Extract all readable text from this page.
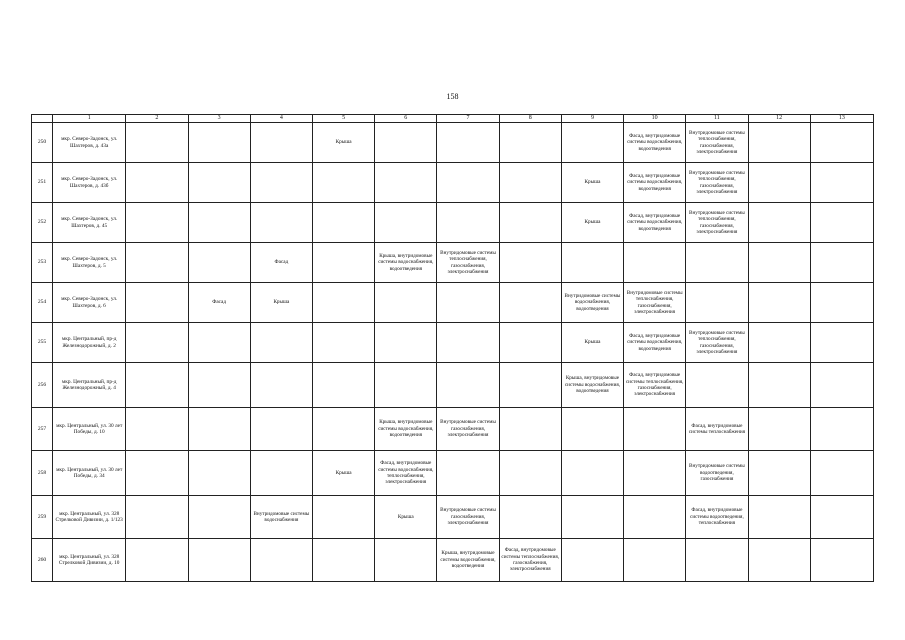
158
	1	2	3	4	5	6	7	8	9	10	11	12	13
250	мкр. Северо-Задонск, ул. Шахтеров, д. 43а				Крыша					Фасад, внутридомовые системы водоснабжения, водоотведения	Внутридомовые системы теплоснабжения, газоснабжения, электроснабжения		
251	мкр. Северо-Задонск, ул. Шахтеров, д. 43б								Крыша	Фасад, внутридомовые системы водоснабжения, водоотведения	Внутридомовые системы теплоснабжения, газоснабжения, электроснабжения		
252	мкр. Северо-Задонск, ул. Шахтеров, д. 45								Крыша	Фасад, внутридомовые системы водоснабжения, водоотведения	Внутридомовые системы теплоснабжения, газоснабжения, электроснабжения		
253	мкр. Северо-Задонск, ул. Шахтеров, д. 5			Фасад		Крыша, внутридомовые системы водоснабжения, водоотведения	Внутридомовые системы теплоснабжения, газоснабжения, электроснабжения						
254	мкр. Северо-Задонск, ул. Шахтеров, д. 6		Фасад	Крыша					Внутридомовые системы водоснабжения, водоотведения	Внутридомовые системы теплоснабжения, газоснабжения, электроснабжения			
255	мкр. Центральный, пр-д Железнодорожный, д. 2								Крыша	Фасад, внутридомовые системы водоснабжения, водоотведения	Внутридомовые системы теплоснабжения, газоснабжения, электроснабжения		
256	мкр. Центральный, пр-д Железнодорожный, д. 4								Крыша, внутридомовые системы водоснабжения, водоотведения	Фасад, внутридомовые системы теплоснабжения, газоснабжения, электроснабжения			
257	мкр. Центральный, ул. 30 лет Победы, д. 10					Крыша, внутридомовые системы водоснабжения, водоотведения	Внутридомовые системы газоснабжения, электроснабжения				Фасад, внутридомовые системы теплоснабжения		
258	мкр. Центральный, ул. 30 лет Победы, д. 34				Крыша	Фасад, внутридомовые системы водоснабжения, теплоснабжения, электроснабжения					Внутридомовые системы водоотведения, газоснабжения		
259	мкр. Центральный, ул. 328 Стрелковой Дивизии, д. 1/123			Внутридомовые системы водоснабжения		Крыша	Внутридомовые системы газоснабжения, электроснабжения				Фасад, внутридомовые системы водоотведения, теплоснабжения		
260	мкр. Центральный, ул. 328 Стрелковой Дивизии, д. 10						Крыша, внутридомовые системы водоснабжения, водоотведения	Фасад, внутридомовые системы теплоснабжения, газоснабжения, электроснабжения					
